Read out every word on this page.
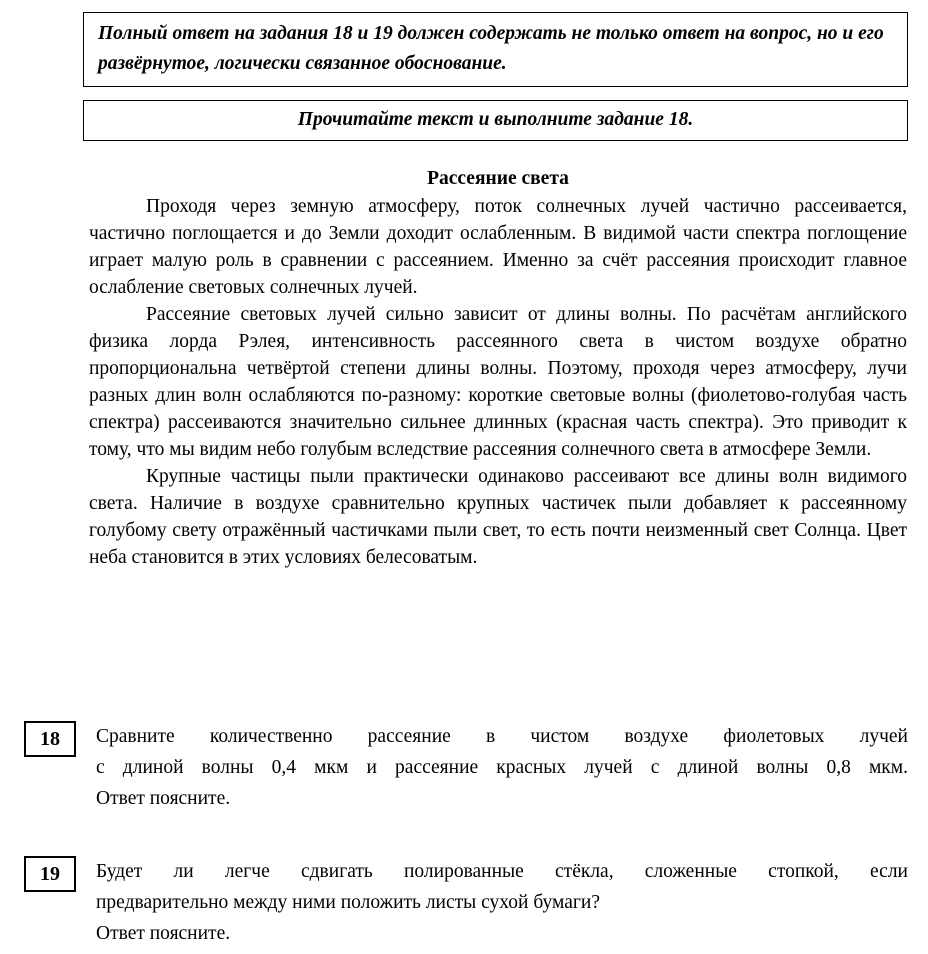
Полный ответ на задания 18 и 19 должен содержать не только ответ на вопрос, но и его развёрнутое, логически связанное обоснование.
Прочитайте текст и выполните задание 18.
Рассеяние света

Проходя через земную атмосферу, поток солнечных лучей частично рассеивается, частично поглощается и до Земли доходит ослабленным. В видимой части спектра поглощение играет малую роль в сравнении с рассеянием. Именно за счёт рассеяния происходит главное ослабление световых солнечных лучей.

Рассеяние световых лучей сильно зависит от длины волны. По расчётам английского физика лорда Рэлея, интенсивность рассеянного света в чистом воздухе обратно пропорциональна четвёртой степени длины волны. Поэтому, проходя через атмосферу, лучи разных длин волн ослабляются по-разному: короткие световые волны (фиолетово-голубая часть спектра) рассеиваются значительно сильнее длинных (красная часть спектра). Это приводит к тому, что мы видим небо голубым вследствие рассеяния солнечного света в атмосфере Земли.

Крупные частицы пыли практически одинаково рассеивают все длины волн видимого света. Наличие в воздухе сравнительно крупных частичек пыли добавляет к рассеянному голубому свету отражённый частичками пыли свет, то есть почти неизменный свет Солнца. Цвет неба становится в этих условиях белесоватым.

18	Сравните количественно рассеяние в чистом воздухе фиолетовых лучей
с длиной волны 0,4 мкм и рассеяние красных лучей с длиной волны 0,8 мкм.
Ответ поясните.
19	Будет ли легче сдвигать полированные стёкла, сложенные стопкой, если
предварительно между ними положить листы сухой бумаги?
Ответ поясните.
